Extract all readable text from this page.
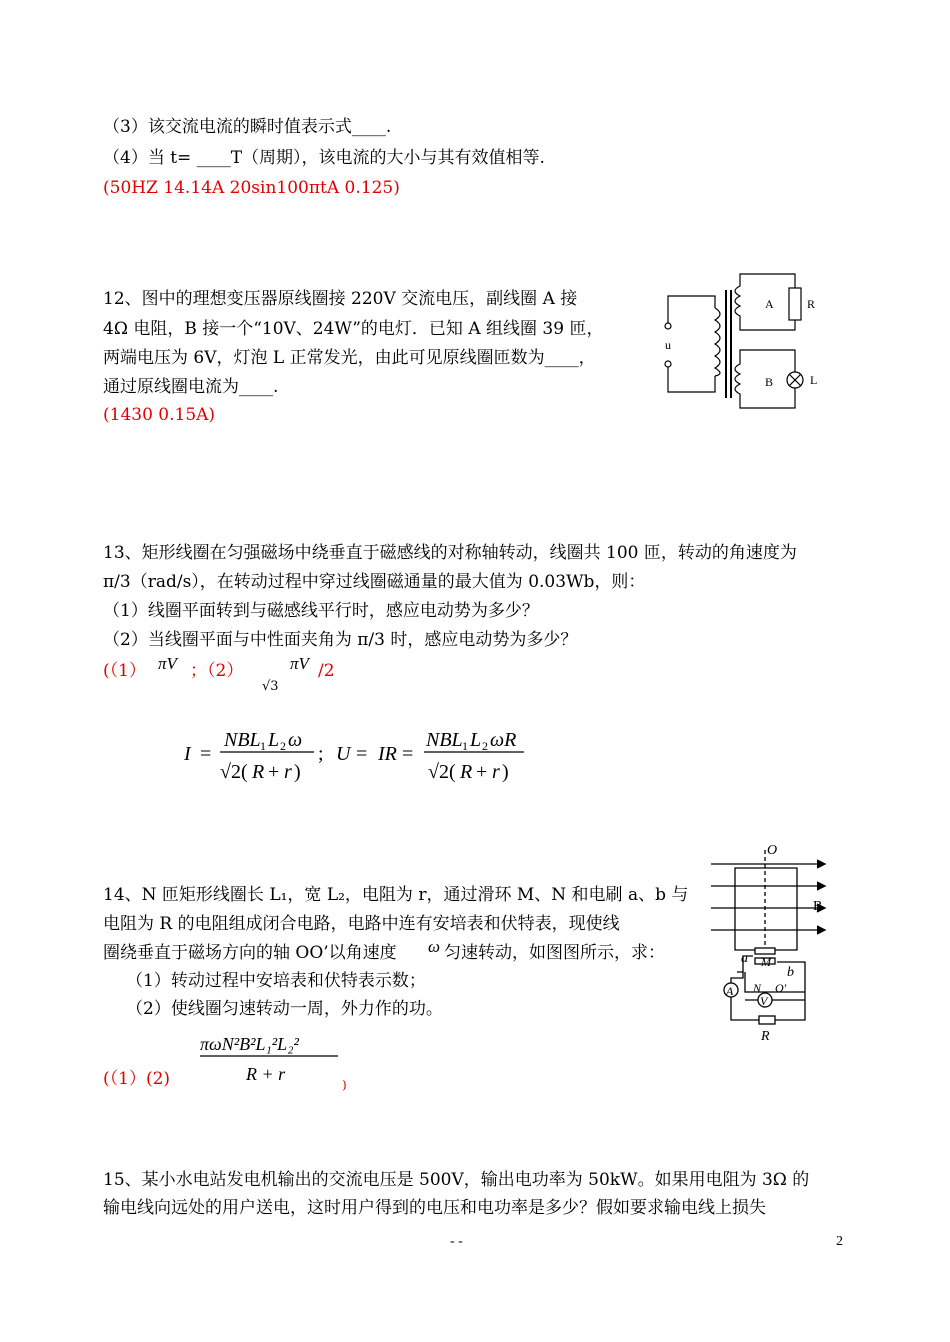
（3）该交流电流的瞬时值表示式____.
（4）当 t= ____T（周期），该电流的大小与其有效值相等.
(50HZ 14.14A 20sin100πtA 0.125)
12、图中的理想变压器原线圈接 220V 交流电压，副线圈 A 接
4Ω 电阻，B 接一个“10V、24W”的电灯．已知 A 组线圈 39 匝，
两端电压为 6V，灯泡 L 正常发光，由此可见原线圈匝数为____，
通过原线圈电流为____.
(1430 0.15A)
u
A
B
R
L
13、矩形线圈在匀强磁场中绕垂直于磁感线的对称轴转动，线圈共 100 匝，转动的角速度为
π/3（rad/s），在转动过程中穿过线圈磁通量的最大值为 0.03Wb，则：
（1）线圈平面转到与磁感线平行时，感应电动势为多少？
（2）当线圈平面与中性面夹角为 π/3 时，感应电动势为多少？
(（1） πV ；（2）
√3
πV /2
I =
NBL 1 L 2 ω
√2( R + r )
; U = IR =
NBL 1 L 2 ωR
√2( R + r )
14、N 匝矩形线圈长 L₁，宽 L₂，电阻为 r，通过滑环 M、N 和电刷 a、b 与
电阻为 R 的电阻组成闭合电路，电路中连有安培表和伏特表，现使线
圈绕垂直于磁场方向的轴 OO’以角速度 ω 匀速转动，如图图所示，求：
（1）转动过程中安培表和伏特表示数；
（2）使线圈匀速转动一周，外力作的功。
πωN²B²L₁²L₂²
R + r
(（1）(2)	)
O
B
a
b
M
N O'
A
V
R
15、某小水电站发电机输出的交流电压是 500V，输出电功率为 50kW。如果用电阻为 3Ω 的
输电线向远处的用户送电，这时用户得到的电压和电功率是多少？假如要求输电线上损失
- -	2
